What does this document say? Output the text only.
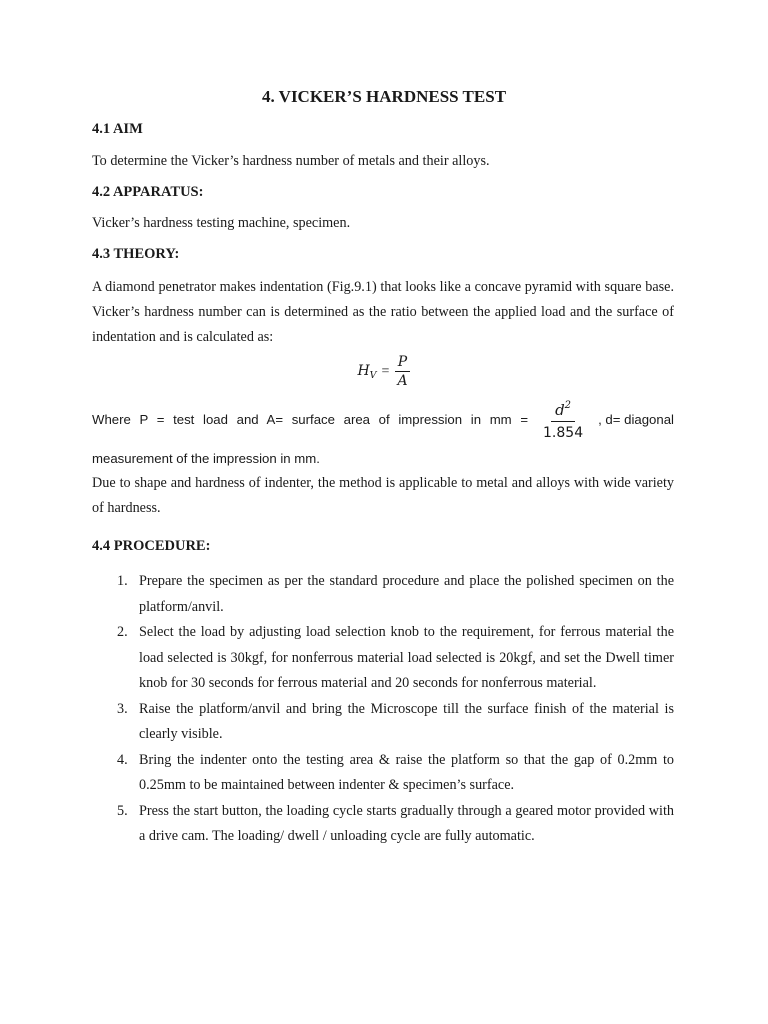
4. VICKER’S HARDNESS TEST
4.1 AIM

To determine the Vicker’s hardness number of metals and their alloys.

4.2 APPARATUS:

Vicker’s hardness testing machine, specimen.

4.3 THEORY:

A diamond penetrator makes indentation (Fig.9.1) that looks like a concave pyramid with square base. Vicker’s hardness number can is determined as the ratio between the applied load and the surface of indentation and is calculated as:

$H_V = \frac{P}{A}$
Where P = test load and A= surface area of impression in mm = $\frac{d^2}{1.854}$ , d= diagonal

measurement of the impression in mm.

Due to shape and hardness of indenter, the method is applicable to metal and alloys with wide variety of hardness.

4.4 PROCEDURE:
1. Prepare the specimen as per the standard procedure and place the polished specimen on the platform/anvil.
2. Select the load by adjusting load selection knob to the requirement, for ferrous material the load selected is 30kgf, for nonferrous material load selected is 20kgf, and set the Dwell timer knob for 30 seconds for ferrous material and 20 seconds for nonferrous material.
3. Raise the platform/anvil and bring the Microscope till the surface finish of the material is clearly visible.
4. Bring the indenter onto the testing area & raise the platform so that the gap of 0.2mm to 0.25mm to be maintained between indenter & specimen’s surface.
5. Press the start button, the loading cycle starts gradually through a geared motor provided with a drive cam. The loading/ dwell / unloading cycle are fully automatic.
